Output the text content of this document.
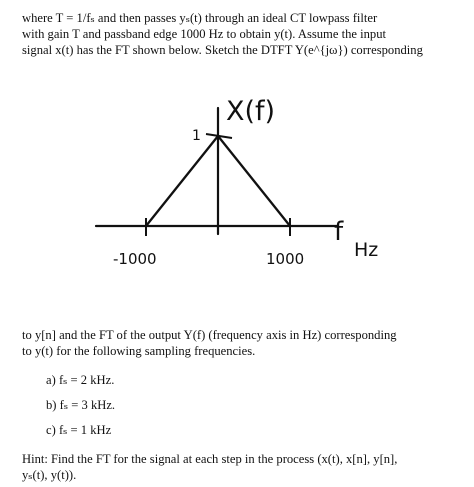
where T = 1/fₛ and then passes yₛ(t) through an ideal CT lowpass filter
with gain T and passband edge 1000 Hz to obtain y(t). Assume the input
signal x(t) has the FT shown below. Sketch the DTFT Y(e^{jω}) corresponding
X(f)
1
-1000	1000
f
Hz
to y[n] and the FT of the output Y(f) (frequency axis in Hz) corresponding
to y(t) for the following sampling frequencies.
a) fₛ = 2 kHz.
b) fₛ = 3 kHz.
c) fₛ = 1 kHz
Hint: Find the FT for the signal at each step in the process (x(t), x[n], y[n],
yₛ(t), y(t)).
